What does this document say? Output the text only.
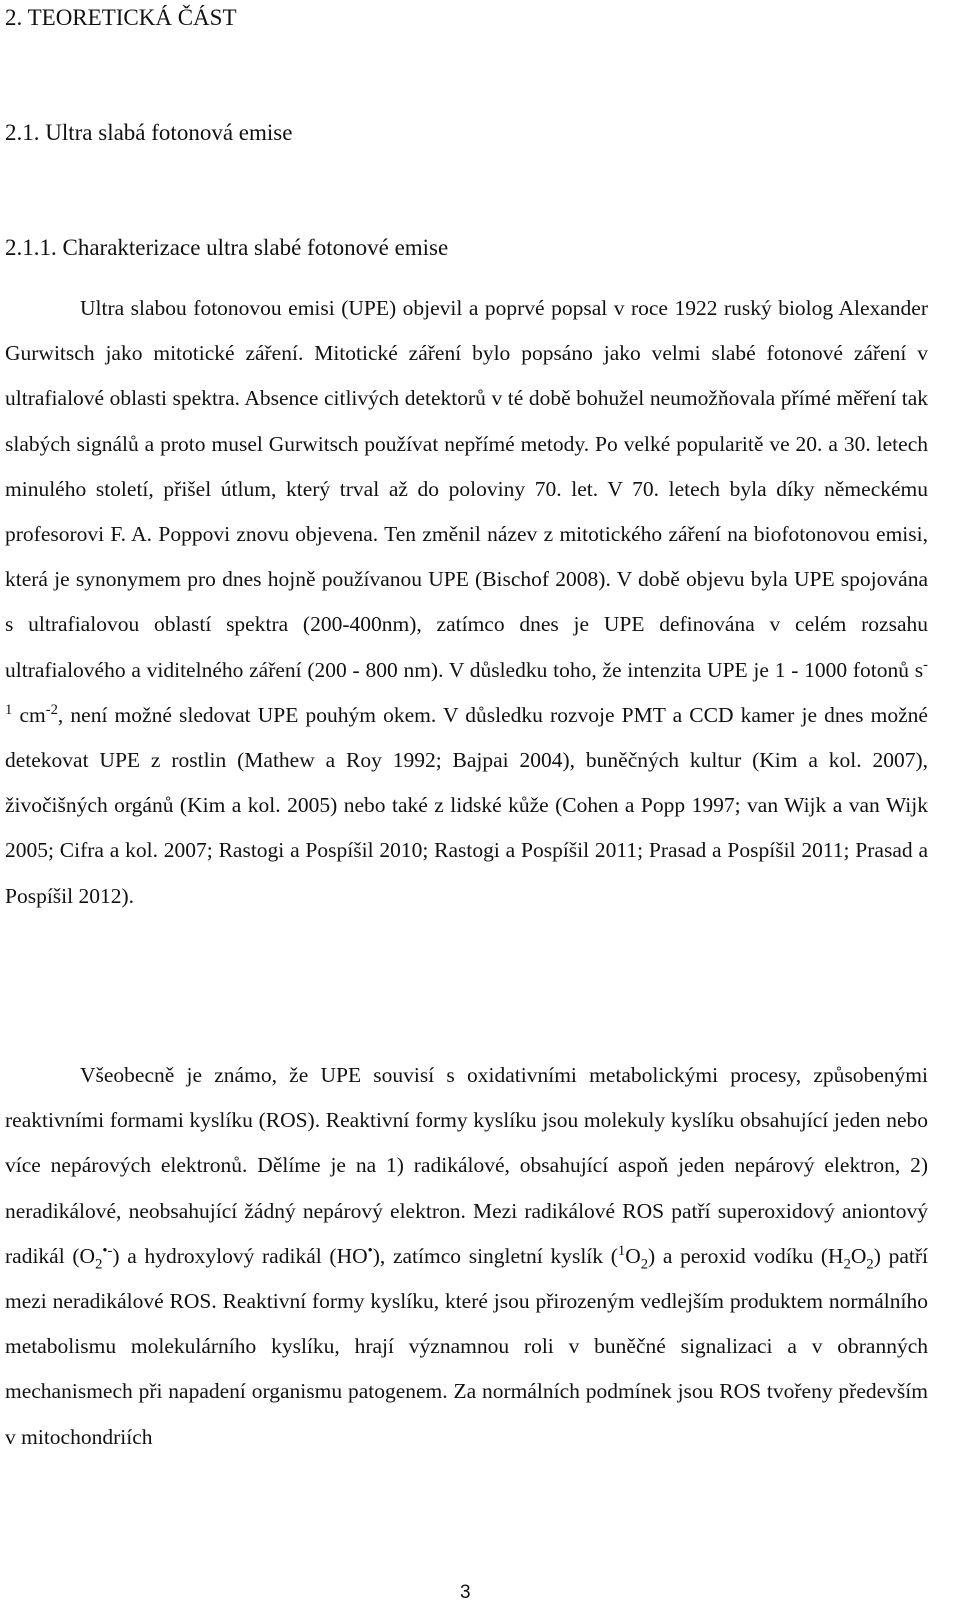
2. TEORETICKÁ ČÁST
2.1. Ultra slabá fotonová emise
2.1.1. Charakterizace ultra slabé fotonové emise

Ultra slabou fotonovou emisi (UPE) objevil a poprvé popsal v roce 1922 ruský biolog Alexander Gurwitsch jako mitotické záření. Mitotické záření bylo popsáno jako velmi slabé fotonové záření v ultrafialové oblasti spektra. Absence citlivých detektorů v té době bohužel neumožňovala přímé měření tak slabých signálů a proto musel Gurwitsch používat nepřímé metody. Po velké popularitě ve 20. a 30. letech minulého století, přišel útlum, který trval až do poloviny 70. let. V 70. letech byla díky německému profesorovi F. A. Poppovi znovu objevena. Ten změnil název z mitotického záření na biofotonovou emisi, která je synonymem pro dnes hojně používanou UPE (Bischof 2008). V době objevu byla UPE spojována s ultrafialovou oblastí spektra (200-400nm), zatímco dnes je UPE definována v celém rozsahu ultrafialového a viditelného záření (200 - 800 nm). V důsledku toho, že intenzita UPE je 1 - 1000 fotonů $s^{-1}$ $cm^{-2}$, není možné sledovat UPE pouhým okem. V důsledku rozvoje PMT a CCD kamer je dnes možné detekovat UPE z rostlin (Mathew a Roy 1992; Bajpai 2004), buněčných kultur (Kim a kol. 2007), živočišných orgánů (Kim a kol. 2005) nebo také z lidské kůže (Cohen a Popp 1997; van Wijk a van Wijk 2005; Cifra a kol. 2007; Rastogi a Pospíšil 2010; Rastogi a Pospíšil 2011; Prasad a Pospíšil 2011; Prasad a Pospíšil 2012).

Všeobecně je známo, že UPE souvisí s oxidativními metabolickými procesy, způsobenými reaktivními formami kyslíku (ROS). Reaktivní formy kyslíku jsou molekuly kyslíku obsahující jeden nebo více nepárových elektronů. Dělíme je na 1) radikálové, obsahující aspoň jeden nepárový elektron, 2) neradikálové, neobsahující žádný nepárový elektron. Mezi radikálové ROS patří superoxidový aniontový radikál $(O_2^{•-})$ a hydroxylový radikál (HO•), zatímco singletní kyslík $(^1O_2)$ a peroxid vodíku $(H_2O_2)$ patří mezi neradikálové ROS. Reaktivní formy kyslíku, které jsou přirozeným vedlejším produktem normálního metabolismu molekulárního kyslíku, hrají významnou roli v buněčné signalizaci a v obranných mechanismech při napadení organismu patogenem. Za normálních podmínek jsou ROS tvořeny především v mitochondriích

3
